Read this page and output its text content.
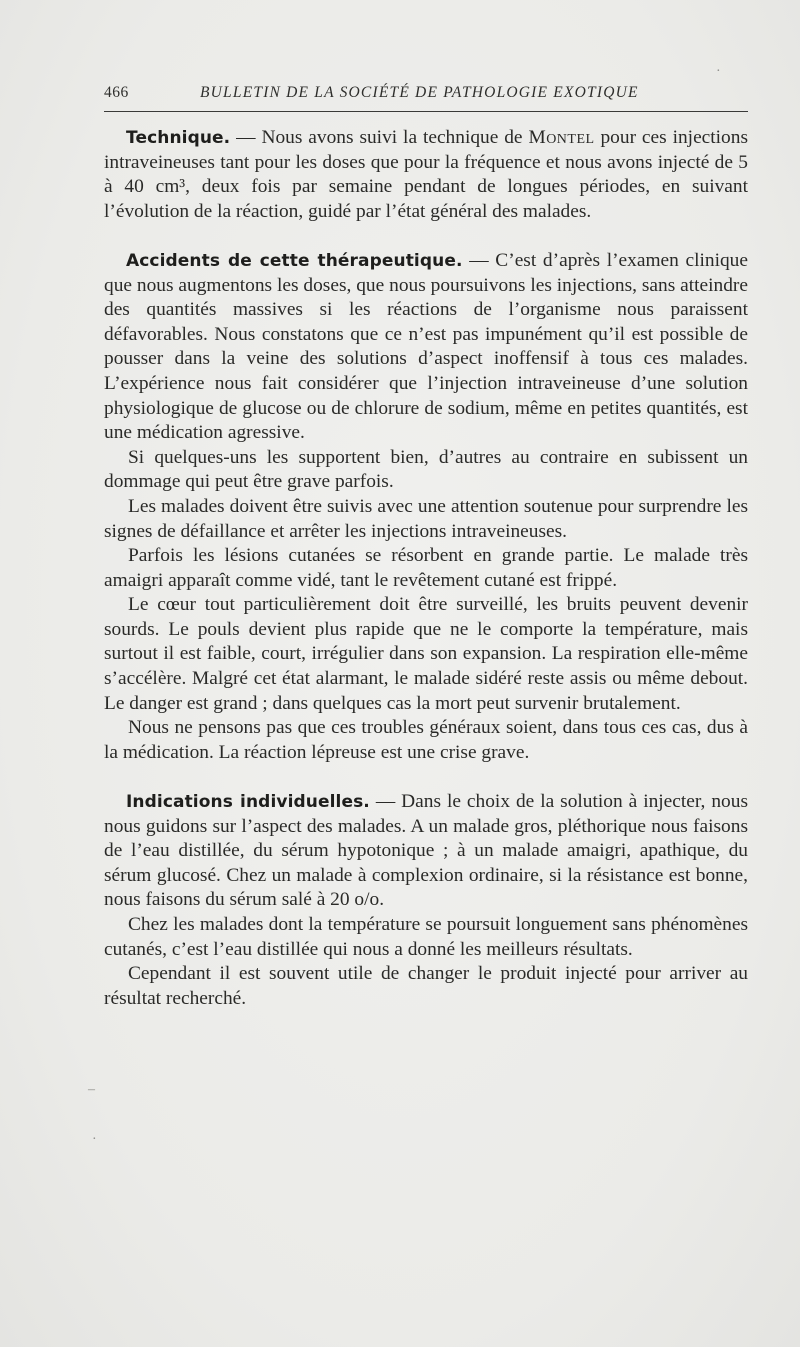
466	BULLETIN DE LA SOCIÉTÉ DE PATHOLOGIE EXOTIQUE

Technique. — Nous avons suivi la technique de Montel pour ces injections intraveineuses tant pour les doses que pour la fréquence et nous avons injecté de 5 à 40 cm³, deux fois par semaine pendant de longues périodes, en suivant l’évolution de la réaction, guidé par l’état général des malades.

Accidents de cette thérapeutique. — C’est d’après l’examen clinique que nous augmentons les doses, que nous poursuivons les injections, sans atteindre des quantités massives si les réactions de l’organisme nous paraissent défavorables. Nous constatons que ce n’est pas impunément qu’il est possible de pousser dans la veine des solutions d’aspect inoffensif à tous ces malades. L’expérience nous fait considérer que l’injection intraveineuse d’une solution physiologique de glucose ou de chlorure de sodium, même en petites quantités, est une médication agressive.

Si quelques-uns les supportent bien, d’autres au contraire en subissent un dommage qui peut être grave parfois.

Les malades doivent être suivis avec une attention soutenue pour surprendre les signes de défaillance et arrêter les injections intraveineuses.

Parfois les lésions cutanées se résorbent en grande partie. Le malade très amaigri apparaît comme vidé, tant le revêtement cutané est frippé.

Le cœur tout particulièrement doit être surveillé, les bruits peuvent devenir sourds. Le pouls devient plus rapide que ne le comporte la température, mais surtout il est faible, court, irrégulier dans son expansion. La respiration elle-même s’accélère. Malgré cet état alarmant, le malade sidéré reste assis ou même debout. Le danger est grand ; dans quelques cas la mort peut survenir brutalement.

Nous ne pensons pas que ces troubles généraux soient, dans tous ces cas, dus à la médication. La réaction lépreuse est une crise grave.

Indications individuelles. — Dans le choix de la solution à injecter, nous nous guidons sur l’aspect des malades. A un malade gros, pléthorique nous faisons de l’eau distillée, du sérum hypotonique ; à un malade amaigri, apathique, du sérum glucosé. Chez un malade à complexion ordinaire, si la résistance est bonne, nous faisons du sérum salé à 20 o/o.

Chez les malades dont la température se poursuit longuement sans phénomènes cutanés, c’est l’eau distillée qui nous a donné les meilleurs résultats.

Cependant il est souvent utile de changer le produit injecté pour arriver au résultat recherché.

·
–
·
